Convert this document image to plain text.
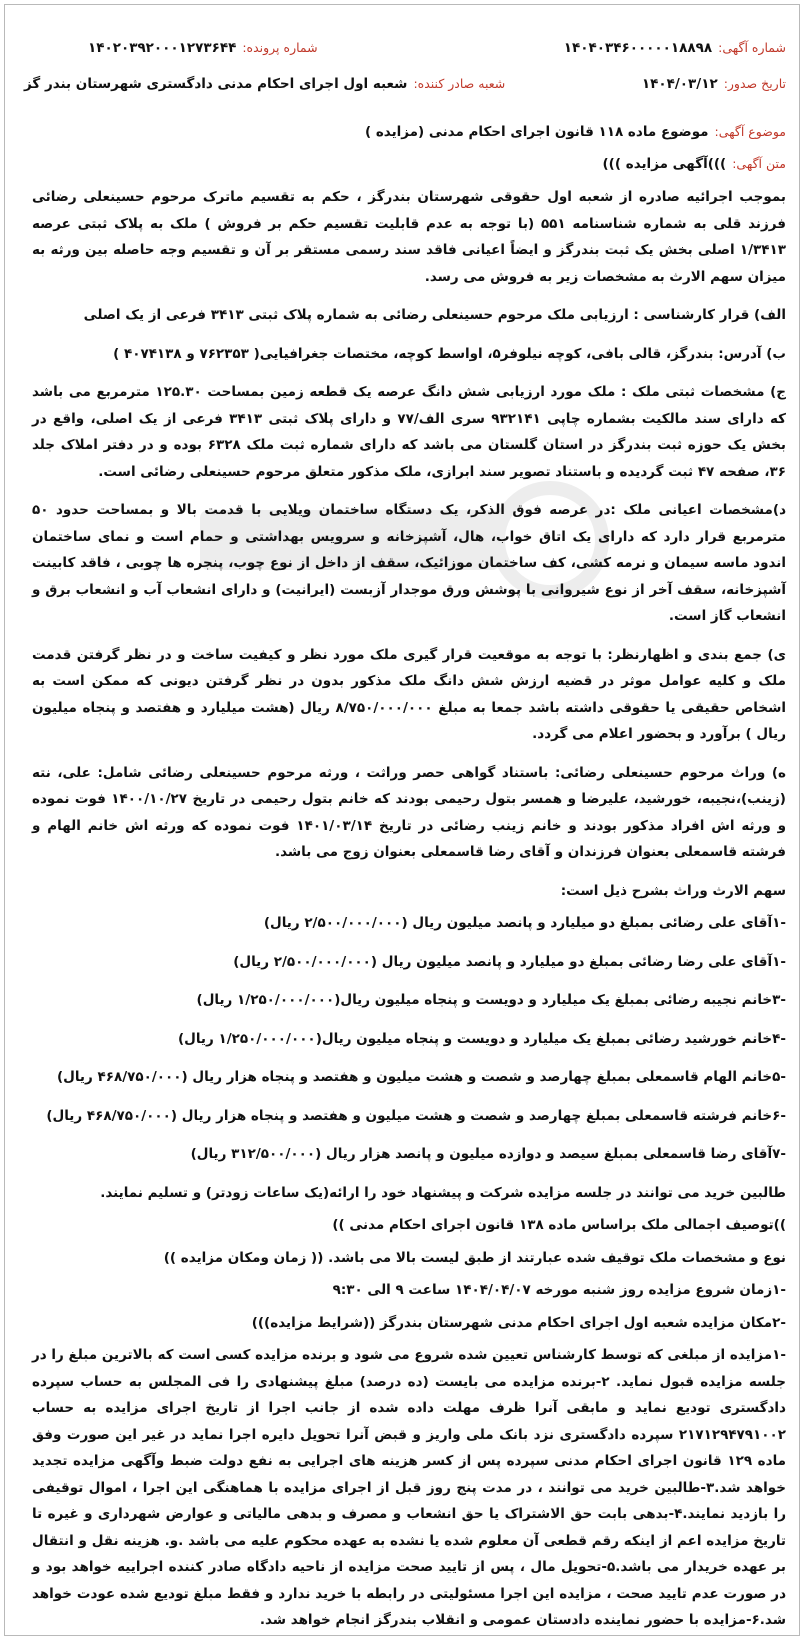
شماره آگهی:
۱۴۰۴۰۳۴۶۰۰۰۰۰۱۸۸۹۸
شماره پرونده:
۱۴۰۲۰۳۹۲۰۰۰۱۲۷۳۶۴۴
تاریخ صدور:
۱۴۰۴/۰۳/۱۲
شعبه صادر کننده:
شعبه اول اجرای احکام مدنی دادگستری شهرستان بندر گز
موضوع آگهی:
موضوع ماده ۱۱۸ قانون اجرای احکام مدنی (مزایده )
متن آگهی:
)))آگهی مزایده )))

بموجب اجرائیه صادره از شعبه اول حقوقی شهرستان بندرگز ، حکم به تقسیم ماترک مرحوم حسینعلی رضائی فرزند قلی به شماره شناسنامه ۵۵۱ (با توجه به عدم قابلیت تقسیم حکم بر فروش ) ملک به پلاک ثبتی عرصه ۱/۳۴۱۳ اصلی بخش یک ثبت بندرگز و ایضاً اعیانی فاقد سند رسمی مستقر بر آن و تقسیم وجه حاصله بین ورثه به میزان سهم الارث به مشخصات زیر به فروش می رسد.

الف) قرار کارشناسی : ارزیابی ملک مرحوم حسینعلی رضائی به شماره پلاک ثبتی ۳۴۱۳ فرعی از یک اصلی

ب) آدرس: بندرگز، قالی بافی، کوچه نیلوفر۵، اواسط کوچه، مختصات جغرافیایی( ۷۶۲۳۵۳ و ۴۰۷۴۱۳۸ )

ج) مشخصات ثبتی ملک : ملک مورد ارزیابی شش دانگ عرصه یک قطعه زمین بمساحت ۱۲۵.۳۰ مترمربع می باشد که دارای سند مالکیت بشماره چاپی ۹۳۲۱۴۱ سری الف/۷۷ و دارای پلاک ثبتی ۳۴۱۳ فرعی از یک اصلی، واقع در بخش یک حوزه ثبت بندرگز در استان گلستان می باشد که دارای شماره ثبت ملک ۶۳۲۸ بوده و در دفتر املاک جلد ۳۶، صفحه ۴۷ ثبت گردیده و باستناد تصویر سند ابرازی، ملک مذکور متعلق مرحوم حسینعلی رضائی است.

د)مشخصات اعیانی ملک :در عرصه فوق الذکر، یک دستگاه ساختمان ویلایی با قدمت بالا و بمساحت حدود ۵۰ مترمربع قرار دارد که دارای یک اتاق خواب، هال، آشپزخانه و سرویس بهداشتی و حمام است و نمای ساختمان اندود ماسه سیمان و نرمه کشی، کف ساختمان موزائیک، سقف از داخل از نوع چوب، پنجره ها چوبی ، فاقد کابینت آشپزخانه، سقف آخر از نوع شیروانی با پوشش ورق موجدار آزبست (ایرانیت) و دارای انشعاب آب و انشعاب برق و انشعاب گاز است.

ی) جمع بندی و اظهارنظر: با توجه به موقعیت قرار گیری ملک مورد نظر و کیفیت ساخت و در نظر گرفتن قدمت ملک و کلیه عوامل موثر در قضیه ارزش شش دانگ ملک مذکور بدون در نظر گرفتن دیونی که ممکن است به اشخاص حقیقی یا حقوقی داشته باشد جمعا به مبلغ ۸/۷۵۰/۰۰۰/۰۰۰ ریال (هشت میلیارد و هفتصد و پنجاه میلیون ریال ) برآورد و بحضور اعلام می گردد.

ه) وراث مرحوم حسینعلی رضائی: باستناد گواهی حصر وراثت ، ورثه مرحوم حسینعلی رضائی شامل: علی، نته (زینب)،نجیبه، خورشید، علیرضا و همسر بتول رحیمی بودند که خانم بتول رحیمی در تاریخ ۱۴۰۰/۱۰/۲۷ فوت نموده و ورثه اش افراد مذکور بودند و خانم زینب رضائی در تاریخ ۱۴۰۱/۰۳/۱۴ فوت نموده که ورثه اش خانم الهام و فرشته قاسمعلی بعنوان فرزندان و آقای رضا قاسمعلی بعنوان زوج می باشد.

سهم الارث وراث بشرح ذیل است:

-۱آقای علی رضائی بمبلغ دو میلیارد و پانصد میلیون ریال (۲/۵۰۰/۰۰۰/۰۰۰ ریال)
-۱آقای علی رضا رضائی بمبلغ دو میلیارد و پانصد میلیون ریال (۲/۵۰۰/۰۰۰/۰۰۰ ریال)
-۳خانم نجیبه رضائی بمبلغ یک میلیارد و دویست و پنجاه میلیون ریال(۱/۲۵۰/۰۰۰/۰۰۰ ریال)
-۴خانم خورشید رضائی بمبلغ یک میلیارد و دویست و پنجاه میلیون ریال(۱/۲۵۰/۰۰۰/۰۰۰ ریال)
-۵خانم الهام قاسمعلی بمبلغ چهارصد و شصت و هشت میلیون و هفتصد و پنجاه هزار ریال (۴۶۸/۷۵۰/۰۰۰ ریال)
-۶خانم فرشته قاسمعلی بمبلغ چهارصد و شصت و هشت میلیون و هفتصد و پنجاه هزار ریال (۴۶۸/۷۵۰/۰۰۰ ریال)
-۷آقای رضا قاسمعلی بمبلغ سیصد و دوازده میلیون و پانصد هزار ریال (۳۱۲/۵۰۰/۰۰۰ ریال)

طالبین خرید می توانند در جلسه مزایده شرکت و پیشنهاد خود را ارائه(یک ساعات زودتر) و تسلیم نمایند.

))توصیف اجمالی ملک براساس ماده ۱۳۸ قانون اجرای احکام مدنی ))

نوع و مشخصات ملک توقیف شده عبارتند از طبق لیست بالا می باشد. (( زمان ومکان مزایده ))

-۱زمان شروع مزایده روز شنبه مورخه ۱۴۰۴/۰۴/۰۷ ساعت ۹ الی ۹:۳۰

-۲مکان مزایده شعبه اول اجرای احکام مدنی شهرستان بندرگز ((شرایط مزایده)))

-۱مزایده از مبلغی که توسط کارشناس تعیین شده شروع می شود و برنده مزایده کسی است که بالاترین مبلغ را در جلسه مزایده قبول نماید. ۲-برنده مزایده می بایست (ده درصد) مبلغ پیشنهادی را فی المجلس به حساب سپرده دادگستری تودیع نماید و مابقی آنرا ظرف مهلت داده شده از جانب اجرا از تاریخ اجرای مزایده به حساب ۲۱۷۱۲۹۴۷۹۱۰۰۲ سپرده دادگستری نزد بانک ملی واریز و قبض آنرا تحویل دایره اجرا نماید در غیر این صورت وفق ماده ۱۲۹ قانون اجرای احکام مدنی سپرده پس از کسر هزینه های اجرایی به نفع دولت ضبط وآگهی مزایده تجدید خواهد شد.۳-طالبین خرید می توانند ، در مدت پنج روز قبل از اجرای مزایده با هماهنگی این اجرا ، اموال توقیفی را بازدید نمایند.۴-بدهی بابت حق الاشتراک یا حق انشعاب و مصرف و بدهی مالیاتی و عوارض شهرداری و غیره تا تاریخ مزایده اعم از اینکه رقم قطعی آن معلوم شده یا نشده به عهده محکوم علیه می باشد .و. هزینه نقل و انتقال بر عهده خریدار می باشد.۵-تحویل مال ، پس از تایید صحت مزایده از ناحیه دادگاه صادر کننده اجراییه خواهد بود و در صورت عدم تایید صحت ، مزایده این اجرا مسئولیتی در رابطه با خرید ندارد و فقط مبلغ تودیع شده عودت خواهد شد.۶-مزایده با حضور نماینده دادستان عمومی و انقلاب بندرگز انجام خواهد شد.
